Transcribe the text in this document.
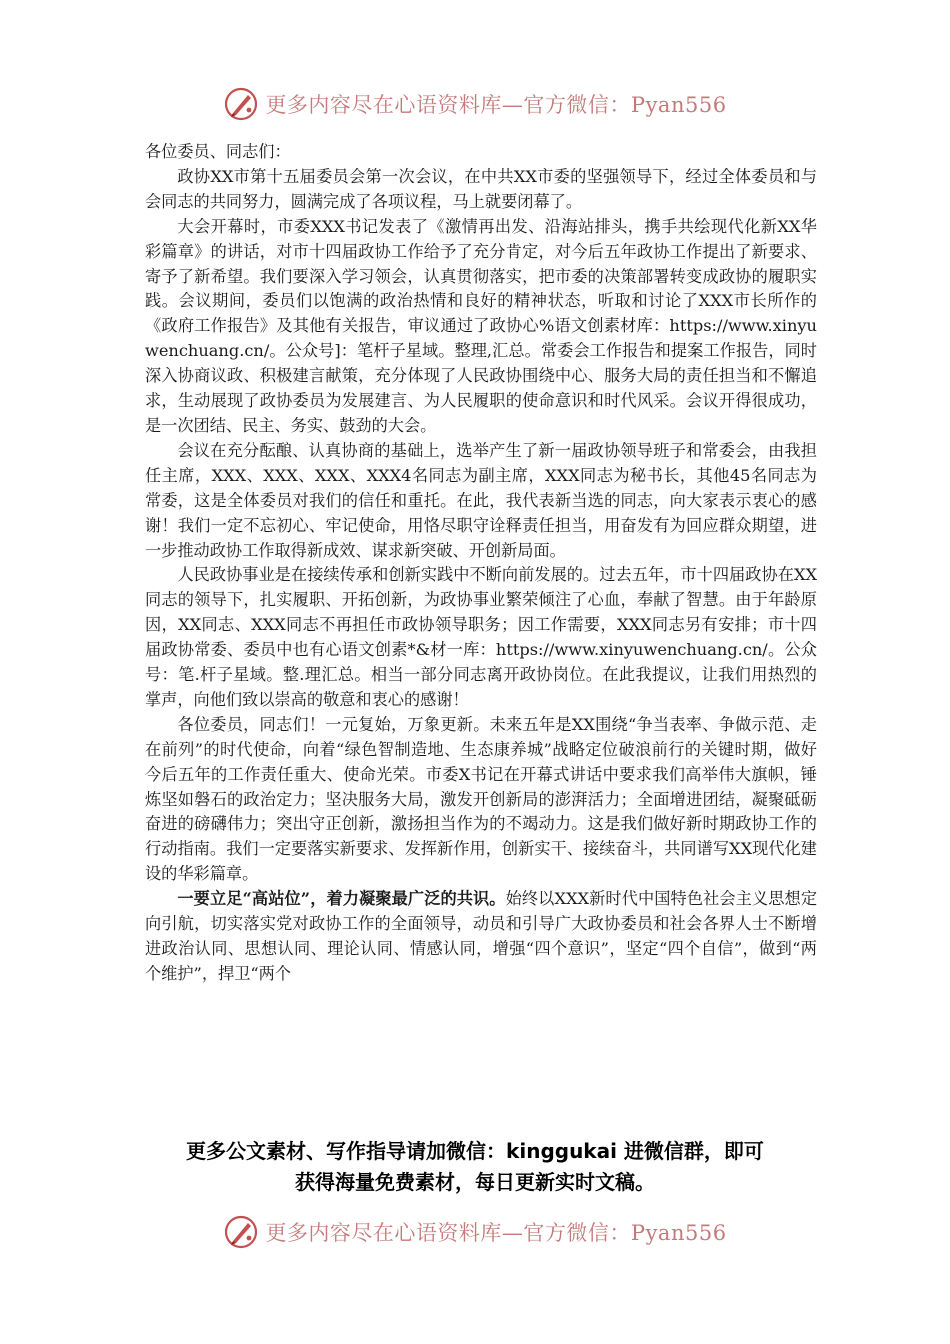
更多内容尽在心语资料库—官方微信：Pyan556

各位委员、同志们：

政协XX市第十五届委员会第一次会议，在中共XX市委的坚强领导下，经过全体委员和与会同志的共同努力，圆满完成了各项议程，马上就要闭幕了。

大会开幕时，市委XXX书记发表了《激情再出发、沿海站排头，携手共绘现代化新XX华彩篇章》的讲话，对市十四届政协工作给予了充分肯定，对今后五年政协工作提出了新要求、寄予了新希望。我们要深入学习领会，认真贯彻落实，把市委的决策部署转变成政协的履职实践。会议期间，委员们以饱满的政治热情和良好的精神状态，听取和讨论了XXX市长所作的《政府工作报告》及其他有关报告，审议通过了政协心%语文创素材库：https://www.xinyuwenchuang.cn/。公众号]：笔杆子星域。整理,汇总。常委会工作报告和提案工作报告，同时深入协商议政、积极建言献策，充分体现了人民政协围绕中心、服务大局的责任担当和不懈追求，生动展现了政协委员为发展建言、为人民履职的使命意识和时代风采。会议开得很成功，是一次团结、民主、务实、鼓劲的大会。

会议在充分酝酿、认真协商的基础上，选举产生了新一届政协领导班子和常委会，由我担任主席，XXX、XXX、XXX、XXX4名同志为副主席，XXX同志为秘书长，其他45名同志为常委，这是全体委员对我们的信任和重托。在此，我代表新当选的同志，向大家表示衷心的感谢！我们一定不忘初心、牢记使命，用恪尽职守诠释责任担当，用奋发有为回应群众期望，进一步推动政协工作取得新成效、谋求新突破、开创新局面。

人民政协事业是在接续传承和创新实践中不断向前发展的。过去五年，市十四届政协在XX同志的领导下，扎实履职、开拓创新，为政协事业繁荣倾注了心血，奉献了智慧。由于年龄原因，XX同志、XXX同志不再担任市政协领导职务；因工作需要，XXX同志另有安排；市十四届政协常委、委员中也有心语文创素*&材一库：https://www.xinyuwenchuang.cn/。公众号：笔.杆子星域。整.理汇总。相当一部分同志离开政协岗位。在此我提议，让我们用热烈的掌声，向他们致以崇高的敬意和衷心的感谢！

各位委员，同志们！一元复始，万象更新。未来五年是XX围绕“争当表率、争做示范、走在前列”的时代使命，向着“绿色智制造地、生态康养城”战略定位破浪前行的关键时期，做好今后五年的工作责任重大、使命光荣。市委X书记在开幕式讲话中要求我们高举伟大旗帜，锤炼坚如磐石的政治定力；坚决服务大局，激发开创新局的澎湃活力；全面增进团结，凝聚砥砺奋进的磅礴伟力；突出守正创新，激扬担当作为的不竭动力。这是我们做好新时期政协工作的行动指南。我们一定要落实新要求、发挥新作用，创新实干、接续奋斗，共同谱写XX现代化建设的华彩篇章。

一要立足“高站位”，着力凝聚最广泛的共识。始终以XXX新时代中国特色社会主义思想定向引航，切实落实党对政协工作的全面领导，动员和引导广大政协委员和社会各界人士不断增进政治认同、思想认同、理论认同、情感认同，增强“四个意识”，坚定“四个自信”，做到“两个维护”，捍卫“两个

更多公文素材、写作指导请加微信：kinggukai 进微信群，即可
获得海量免费素材，每日更新实时文稿。
更多内容尽在心语资料库—官方微信：Pyan556
